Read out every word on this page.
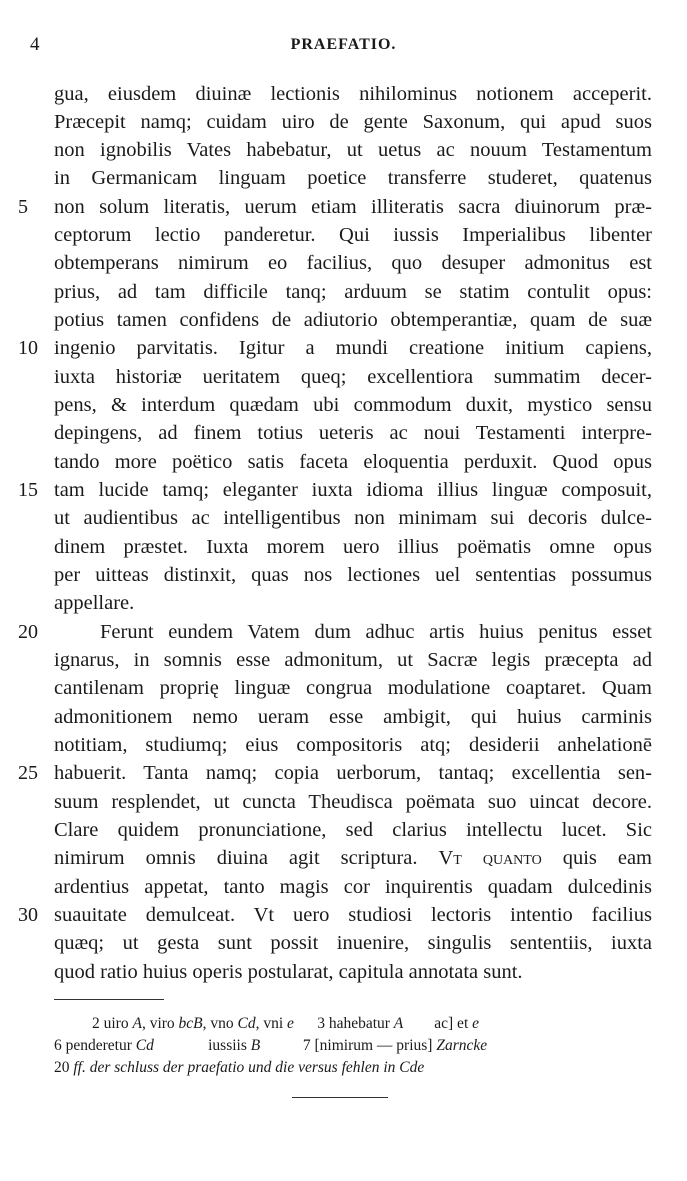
4	PRAEFATIO.
gua, eiusdem diuinæ lectionis nihilominus notionem acceperit.
Præcepit namq; cuidam uiro de gente Saxonum, qui apud suos
non ignobilis Vates habebatur, ut uetus ac nouum Testamentum
in Germanicam linguam poetice transferre studeret, quatenus
5	non solum literatis, uerum etiam illiteratis sacra diuinorum præ-
ceptorum lectio panderetur. Qui iussis Imperialibus libenter
obtemperans nimirum eo facilius, quo desuper admonitus est
prius, ad tam difficile tanq; arduum se statim contulit opus:
potius tamen confidens de adiutorio obtemperantiæ, quam de suæ
10 ingenio parvitatis. Igitur a mundi creatione initium capiens,
iuxta historiæ ueritatem queq; excellentiora summatim decer-
pens, & interdum quædam ubi commodum duxit, mystico sensu
depingens, ad finem totius ueteris ac noui Testamenti interpre-
tando more poëtico satis faceta eloquentia perduxit. Quod opus
15 tam lucide tamq; eleganter iuxta idioma illius linguæ composuit,
ut audientibus ac intelligentibus non minimam sui decoris dulce-
dinem præstet. Iuxta morem uero illius poëmatis omne opus
per uitteas distinxit, quas nos lectiones uel sententias possumus
appellare.
20	Ferunt eundem Vatem dum adhuc artis huius penitus esset
ignarus, in somnis esse admonitum, ut Sacræ legis præcepta ad
cantilenam proprię linguæ congrua modulatione coaptaret. Quam
admonitionem nemo ueram esse ambigit, qui huius carminis
notitiam, studiumq; eius compositoris atq; desiderii anhelationē
25 habuerit. Tanta namq; copia uerborum, tantaq; excellentia sen-
suum resplendet, ut cuncta Theudisca poëmata suo uincat decore.
Clare quidem pronunciatione, sed clarius intellectu lucet. Sic
nimirum omnis diuina agit scriptura. Vt quanto quis eam
ardentius appetat, tanto magis cor inquirentis quadam dulcedinis
30 suauitate demulceat. Vt uero studiosi lectoris intentio facilius
quæq; ut gesta sunt possit inuenire, singulis sententiis, iuxta
quod ratio huius operis postularat, capitula annotata sunt.
2 uiro A, viro bcB, vno Cd, vni e 3 hahebatur A ac] et e
6 penderetur Cd	iussiis B	7 [nimirum — prius] Zarncke
20 ff. der schluss der praefatio und die versus fehlen in Cde
